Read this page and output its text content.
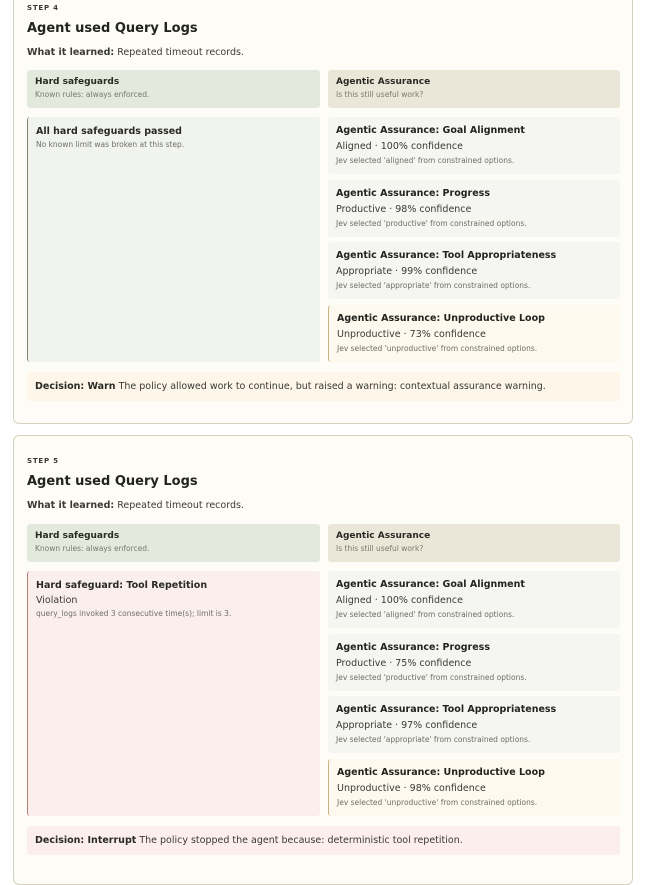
STEP 4
Agent used Query Logs
What it learned: Repeated timeout records.
Hard safeguards
Known rules: always enforced.
Agentic Assurance
Is this still useful work?
All hard safeguards passed
No known limit was broken at this step.
Agentic Assurance: Goal Alignment
Aligned · 100% confidence
Jev selected 'aligned' from constrained options.
Agentic Assurance: Progress
Productive · 98% confidence
Jev selected 'productive' from constrained options.
Agentic Assurance: Tool Appropriateness
Appropriate · 99% confidence
Jev selected 'appropriate' from constrained options.
Agentic Assurance: Unproductive Loop
Unproductive · 73% confidence
Jev selected 'unproductive' from constrained options.
Decision: Warn The policy allowed work to continue, but raised a warning: contextual assurance warning.
STEP 5
Agent used Query Logs
What it learned: Repeated timeout records.
Hard safeguards
Known rules: always enforced.
Agentic Assurance
Is this still useful work?
Hard safeguard: Tool Repetition
Violation
query_logs invoked 3 consecutive time(s); limit is 3.
Agentic Assurance: Goal Alignment
Aligned · 100% confidence
Jev selected 'aligned' from constrained options.
Agentic Assurance: Progress
Productive · 75% confidence
Jev selected 'productive' from constrained options.
Agentic Assurance: Tool Appropriateness
Appropriate · 97% confidence
Jev selected 'appropriate' from constrained options.
Agentic Assurance: Unproductive Loop
Unproductive · 98% confidence
Jev selected 'unproductive' from constrained options.
Decision: Interrupt The policy stopped the agent because: deterministic tool repetition.
